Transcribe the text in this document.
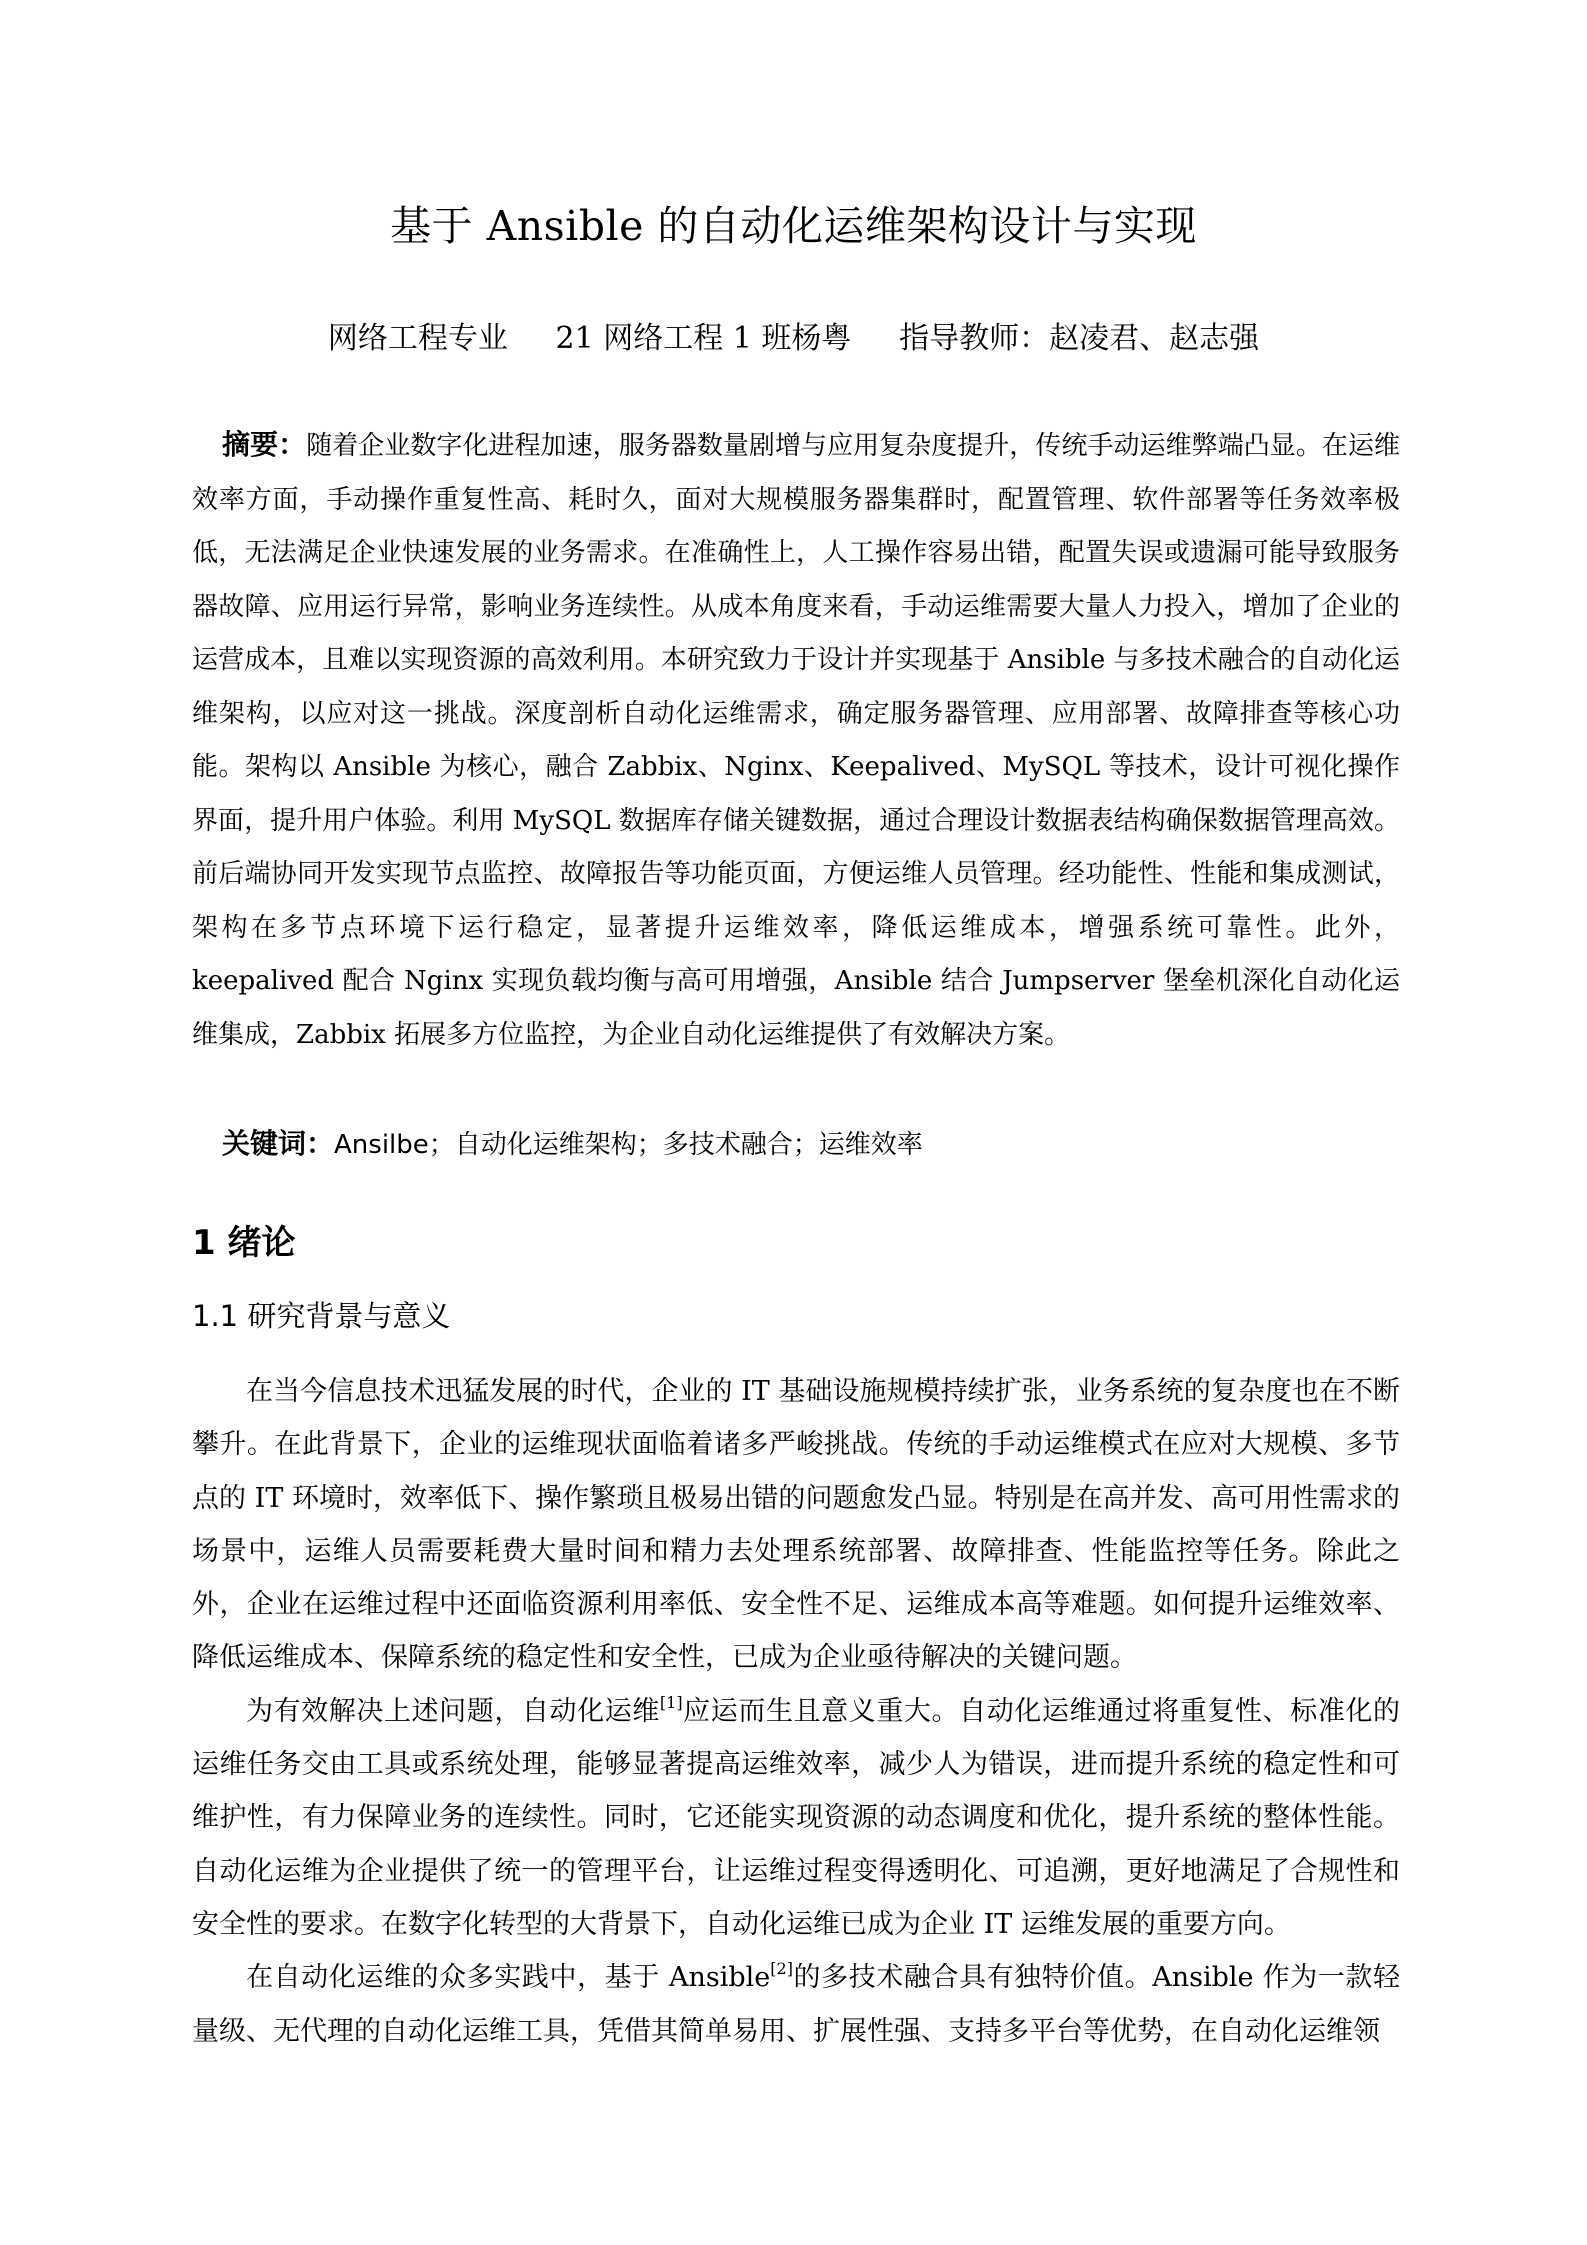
基于 Ansible 的自动化运维架构设计与实现
网络工程专业     21 网络工程 1 班杨粤     指导教师：赵凌君、赵志强
摘要：随着企业数字化进程加速，服务器数量剧增与应用复杂度提升，传统手动运维弊端凸显。在运维效率方面，手动操作重复性高、耗时久，面对大规模服务器集群时，配置管理、软件部署等任务效率极低，无法满足企业快速发展的业务需求。在准确性上，人工操作容易出错，配置失误或遗漏可能导致服务器故障、应用运行异常，影响业务连续性。从成本角度来看，手动运维需要大量人力投入，增加了企业的运营成本，且难以实现资源的高效利用。本研究致力于设计并实现基于 Ansible 与多技术融合的自动化运维架构，以应对这一挑战。深度剖析自动化运维需求，确定服务器管理、应用部署、故障排查等核心功能。架构以 Ansible 为核心，融合 Zabbix、Nginx、Keepalived、MySQL 等技术，设计可视化操作界面，提升用户体验。利用 MySQL 数据库存储关键数据，通过合理设计数据表结构确保数据管理高效。前后端协同开发实现节点监控、故障报告等功能页面，方便运维人员管理。经功能性、性能和集成测试，架构在多节点环境下运行稳定，显著提升运维效率，降低运维成本，增强系统可靠性。此外，keepalived 配合 Nginx 实现负载均衡与高可用增强，Ansible 结合 Jumpserver 堡垒机深化自动化运维集成，Zabbix 拓展多方位监控，为企业自动化运维提供了有效解决方案。
关键词：Ansilbe；自动化运维架构；多技术融合；运维效率
1 绪论
1.1 研究背景与意义

在当今信息技术迅猛发展的时代，企业的 IT 基础设施规模持续扩张，业务系统的复杂度也在不断攀升。在此背景下，企业的运维现状面临着诸多严峻挑战。传统的手动运维模式在应对大规模、多节点的 IT 环境时，效率低下、操作繁琐且极易出错的问题愈发凸显。特别是在高并发、高可用性需求的场景中，运维人员需要耗费大量时间和精力去处理系统部署、故障排查、性能监控等任务。除此之外，企业在运维过程中还面临资源利用率低、安全性不足、运维成本高等难题。如何提升运维效率、降低运维成本、保障系统的稳定性和安全性，已成为企业亟待解决的关键问题。

为有效解决上述问题，自动化运维[1]应运而生且意义重大。自动化运维通过将重复性、标准化的运维任务交由工具或系统处理，能够显著提高运维效率，减少人为错误，进而提升系统的稳定性和可维护性，有力保障业务的连续性。同时，它还能实现资源的动态调度和优化，提升系统的整体性能。自动化运维为企业提供了统一的管理平台，让运维过程变得透明化、可追溯，更好地满足了合规性和安全性的要求。在数字化转型的大背景下，自动化运维已成为企业 IT 运维发展的重要方向。

在自动化运维的众多实践中，基于 Ansible[2]的多技术融合具有独特价值。Ansible 作为一款轻量级、无代理的自动化运维工具，凭借其简单易用、扩展性强、支持多平台等优势，在自动化运维领
